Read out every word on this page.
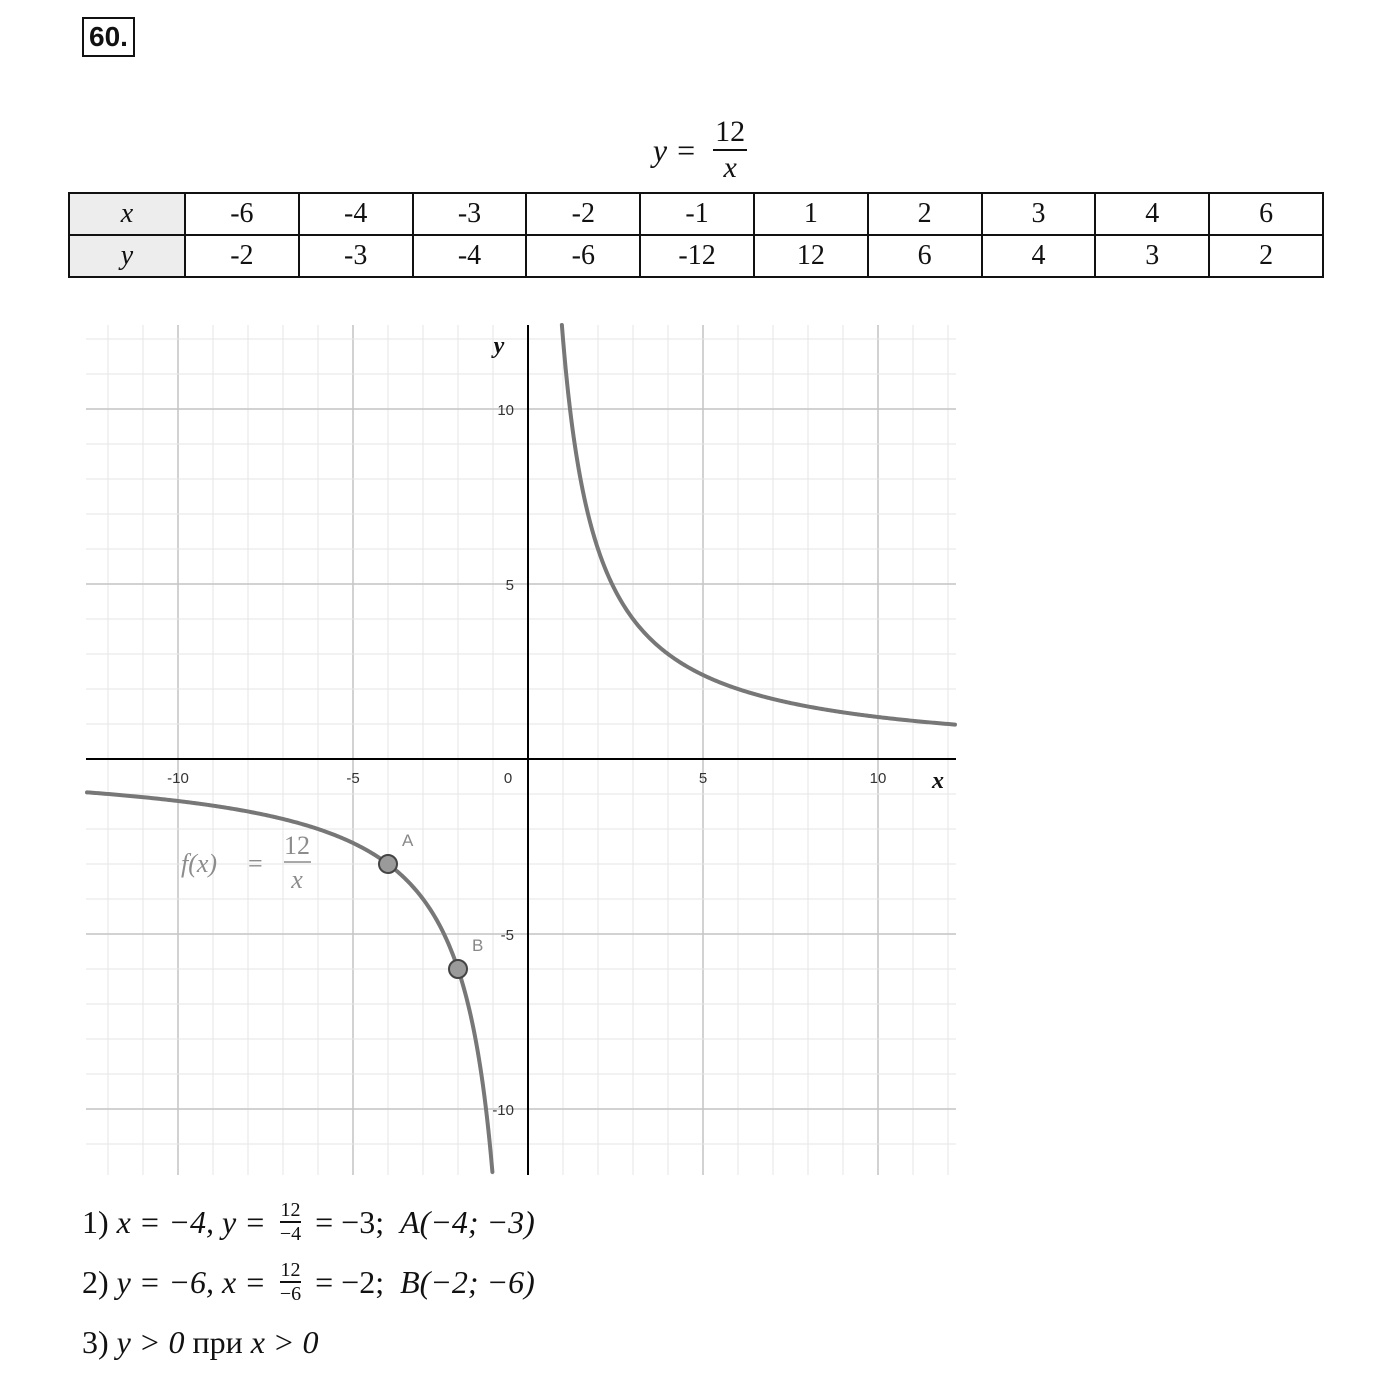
60.
$y = \frac{12}{x}$
x	-6	-4	-3	-2	-1	1	2	3	4	6
y	-2	-3	-4	-6	-12	12	6	4	3	2
-10	-5	0	5	10
10
5
-5
-10
x
y
f(x) =
12
x
A
B
1) x = −4, y = 12
−4 = −3; A(−4; −3)
2) y = −6, x = 12
−6 = −2; B(−2; −6)
3) y > 0 при x > 0
